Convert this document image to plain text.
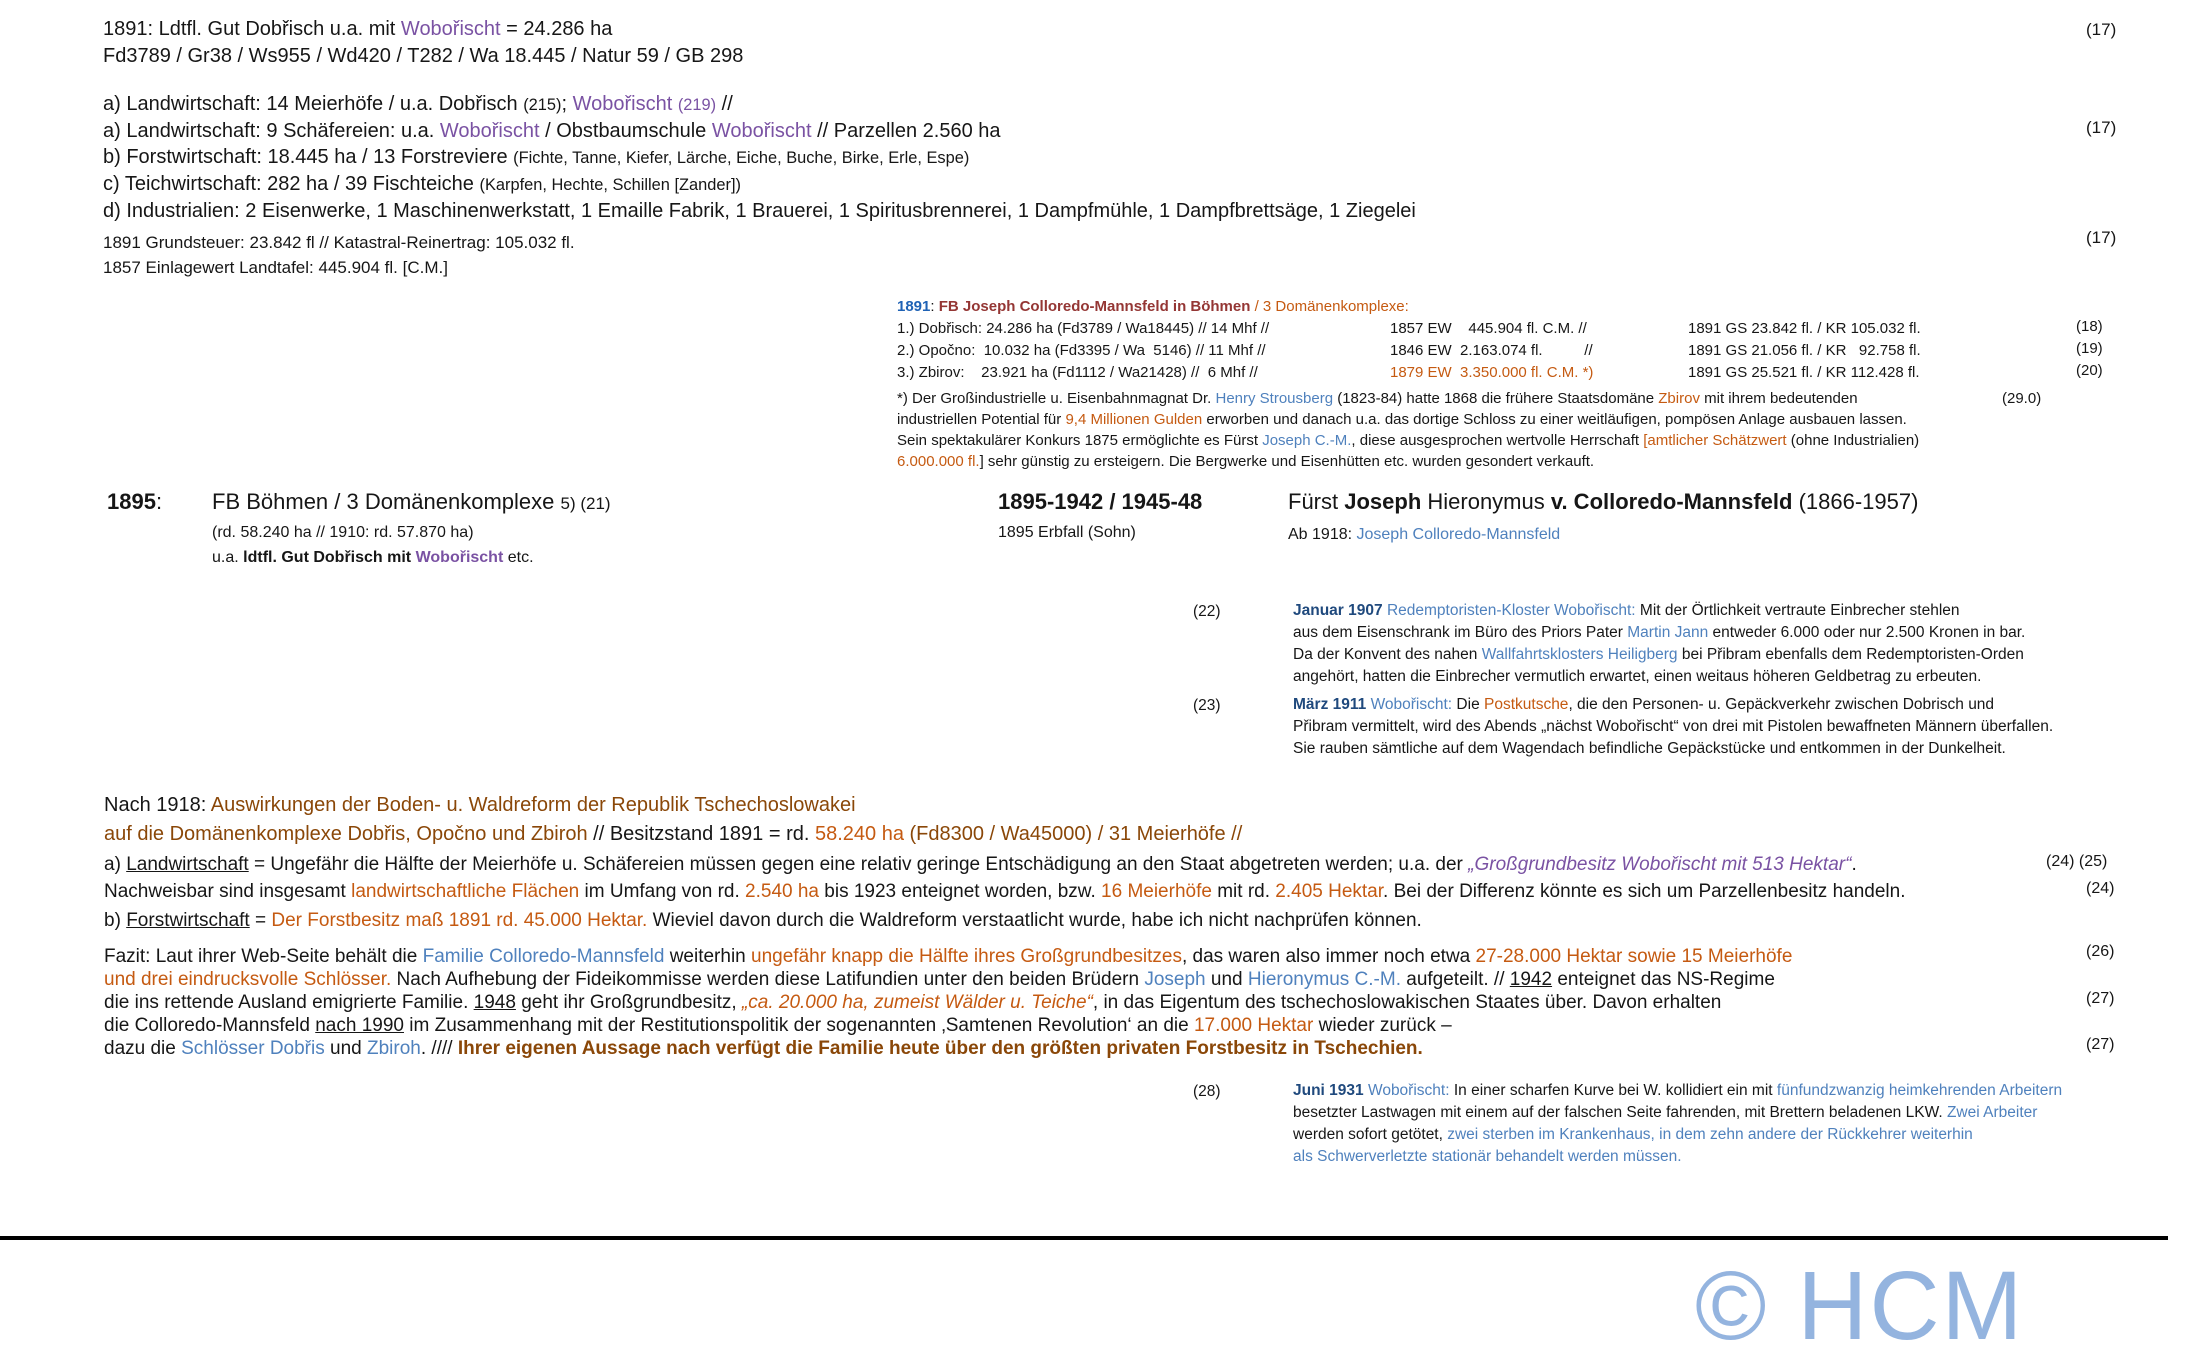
1891: Ldtfl. Gut Dobřisch u.a. mit Wobořischt = 24.286 ha
Fd3789 / Gr38 / Ws955 / Wd420 / T282 / Wa 18.445 / Natur 59 / GB 298
a) Landwirtschaft: 14 Meierhöfe / u.a. Dobřisch (215); Wobořischt (219) //
a) Landwirtschaft: 9 Schäfereien: u.a. Wobořischt / Obstbaumschule Wobořischt // Parzellen 2.560 ha
b) Forstwirtschaft: 18.445 ha / 13 Forstreviere (Fichte, Tanne, Kiefer, Lärche, Eiche, Buche, Birke, Erle, Espe)
c) Teichwirtschaft: 282 ha / 39 Fischteiche (Karpfen, Hechte, Schillen [Zander])
d) Industrialien: 2 Eisenwerke, 1 Maschinenwerkstatt, 1 Emaille Fabrik, 1 Brauerei, 1 Spiritusbrennerei, 1 Dampfmühle, 1 Dampfbrettsäge, 1 Ziegelei
1891 Grundsteuer: 23.842 fl // Katastral-Reinertrag: 105.032 fl.
1857 Einlagewert Landtafel: 445.904 fl. [C.M.]
1891: FB Joseph Colloredo-Mannsfeld in Böhmen / 3 Domänenkomplexe:
1.) Dobřisch: 24.286 ha (Fd3789 / Wa18445) // 14 Mhf //
2.) Opočno:  10.032 ha (Fd3395 / Wa  5146) // 11 Mhf //
3.) Zbirov:    23.921 ha (Fd1112 / Wa21428) //  6 Mhf //
1857 EW    445.904 fl. C.M. //
1846 EW  2.163.074 fl.          //
1879 EW  3.350.000 fl. C.M. *)
1891 GS 23.842 fl. / KR 105.032 fl.
1891 GS 21.056 fl. / KR   92.758 fl.
1891 GS 25.521 fl. / KR 112.428 fl.
*) Der Großindustrielle u. Eisenbahnmagnat Dr. Henry Strousberg (1823-84) hatte 1868 die frühere Staatsdomäne Zbirov mit ihrem bedeutenden
industriellen Potential für 9,4 Millionen Gulden erworben und danach u.a. das dortige Schloss zu einer weitläufigen, pompösen Anlage ausbauen lassen.
Sein spektakulärer Konkurs 1875 ermöglichte es Fürst Joseph C.-M., diese ausgesprochen wertvolle Herrschaft [amtlicher Schätzwert (ohne Industrialien)
6.000.000 fl.] sehr günstig zu ersteigern. Die Bergwerke und Eisenhütten etc. wurden gesondert verkauft.
1895: FB Böhmen / 3 Domänenkomplexe 5) (21)
(rd. 58.240 ha // 1910: rd. 57.870 ha)
u.a. ldtfl. Gut Dobřisch mit Wobořischt etc.
1895-1942 / 1945-48
1895 Erbfall (Sohn)
Fürst Joseph Hieronymus v. Colloredo-Mannsfeld (1866-1957)
Ab 1918: Joseph Colloredo-Mannsfeld
Januar 1907 Redemptoristen-Kloster Wobořischt: Mit der Örtlichkeit vertraute Einbrecher stehlen
aus dem Eisenschrank im Büro des Priors Pater Martin Jann entweder 6.000 oder nur 2.500 Kronen in bar.
Da der Konvent des nahen Wallfahrtsklosters Heiligberg bei Přibram ebenfalls dem Redemptoristen-Orden
angehört, hatten die Einbrecher vermutlich erwartet, einen weitaus höheren Geldbetrag zu erbeuten.
März 1911 Wobořischt: Die Postkutsche, die den Personen- u. Gepäckverkehr zwischen Dobrisch und
Přibram vermittelt, wird des Abends „nächst Wobořischt“ von drei mit Pistolen bewaffneten Männern überfallen.
Sie rauben sämtliche auf dem Wagendach befindliche Gepäckstücke und entkommen in der Dunkelheit.
Nach 1918: Auswirkungen der Boden- u. Waldreform der Republik Tschechoslowakei
auf die Domänenkomplexe Dobřis, Opočno und Zbiroh // Besitzstand 1891 = rd. 58.240 ha (Fd8300 / Wa45000) / 31 Meierhöfe //
a) Landwirtschaft = Ungefähr die Hälfte der Meierhöfe u. Schäfereien müssen gegen eine relativ geringe Entschädigung an den Staat abgetreten werden; u.a. der „Großgrundbesitz Wobořischt mit 513 Hektar“.
Nachweisbar sind insgesamt landwirtschaftliche Flächen im Umfang von rd. 2.540 ha bis 1923 enteignet worden, bzw. 16 Meierhöfe mit rd. 2.405 Hektar. Bei der Differenz könnte es sich um Parzellenbesitz handeln.
b) Forstwirtschaft = Der Forstbesitz maß 1891 rd. 45.000 Hektar. Wieviel davon durch die Waldreform verstaatlicht wurde, habe ich nicht nachprüfen können.
Fazit: Laut ihrer Web-Seite behält die Familie Colloredo-Mannsfeld weiterhin ungefähr knapp die Hälfte ihres Großgrundbesitzes, das waren also immer noch etwa 27-28.000 Hektar sowie 15 Meierhöfe
und drei eindrucksvolle Schlösser. Nach Aufhebung der Fideikommisse werden diese Latifundien unter den beiden Brüdern Joseph und Hieronymus C.-M. aufgeteilt. // 1942 enteignet das NS-Regime
die ins rettende Ausland emigrierte Familie. 1948 geht ihr Großgrundbesitz, „ca. 20.000 ha, zumeist Wälder u. Teiche“, in das Eigentum des tschechoslowakischen Staates über. Davon erhalten
die Colloredo-Mannsfeld nach 1990 im Zusammenhang mit der Restitutionspolitik der sogenannten ‚Samtenen Revolution‘ an die 17.000 Hektar wieder zurück –
dazu die Schlösser Dobřis und Zbiroh. //// Ihrer eigenen Aussage nach verfügt die Familie heute über den größten privaten Forstbesitz in Tschechien.
Juni 1931 Wobořischt: In einer scharfen Kurve bei W. kollidiert ein mit fünfundzwanzig heimkehrenden Arbeitern
besetzter Lastwagen mit einem auf der falschen Seite fahrenden, mit Brettern beladenen LKW. Zwei Arbeiter
werden sofort getötet, zwei sterben im Krankenhaus, in dem zehn andere der Rückkehrer weiterhin
als Schwerverletzte stationär behandelt werden müssen.
(17)
(17)
(17)
(18)
(19)
(20)
(29.0)
(22)
(23)
(24) (25)
(24)
(26)
(27)
(27)
(28)
© HCM
